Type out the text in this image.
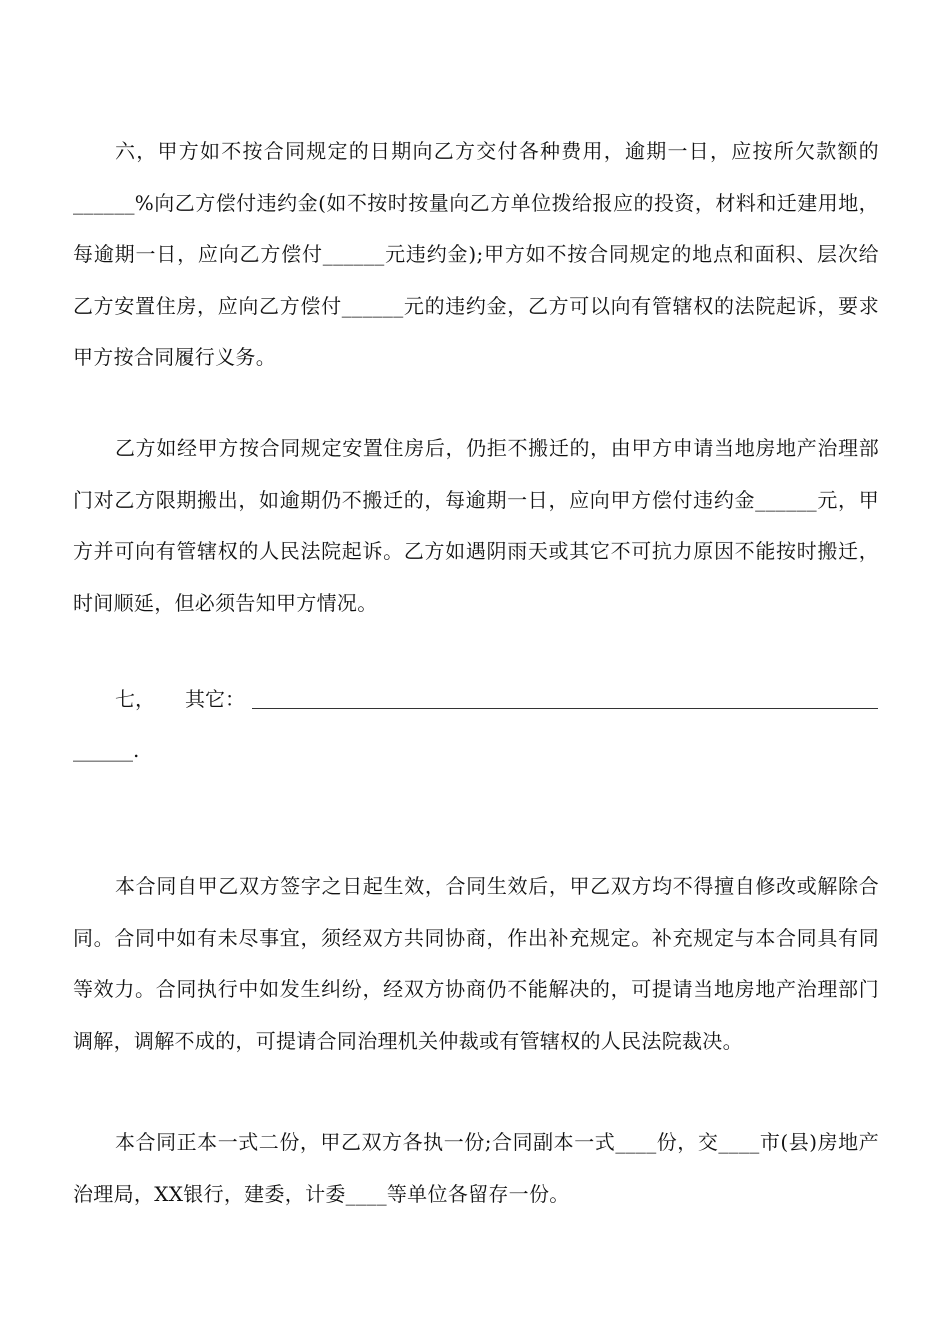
六，甲方如不按合同规定的日期向乙方交付各种费用，逾期一日，应按所欠款额的______%向乙方偿付违约金(如不按时按量向乙方单位拨给报应的投资，材料和迁建用地，每逾期一日，应向乙方偿付______元违约金);甲方如不按合同规定的地点和面积、层次给乙方安置住房，应向乙方偿付______元的违约金，乙方可以向有管辖权的法院起诉，要求甲方按合同履行义务。

乙方如经甲方按合同规定安置住房后，仍拒不搬迁的，由甲方申请当地房地产治理部门对乙方限期搬出，如逾期仍不搬迁的，每逾期一日，应向甲方偿付违约金______元，甲方并可向有管辖权的人民法院起诉。乙方如遇阴雨天或其它不可抗力原因不能按时搬迁，时间顺延，但必须告知甲方情况。

七， 其它：
______.

本合同自甲乙双方签字之日起生效，合同生效后，甲乙双方均不得擅自修改或解除合同。合同中如有未尽事宜，须经双方共同协商，作出补充规定。补充规定与本合同具有同等效力。合同执行中如发生纠纷，经双方协商仍不能解决的，可提请当地房地产治理部门调解，调解不成的，可提请合同治理机关仲裁或有管辖权的人民法院裁决。

本合同正本一式二份，甲乙双方各执一份;合同副本一式____份，交____市(县)房地产治理局，XX银行，建委，计委____等单位各留存一份。
